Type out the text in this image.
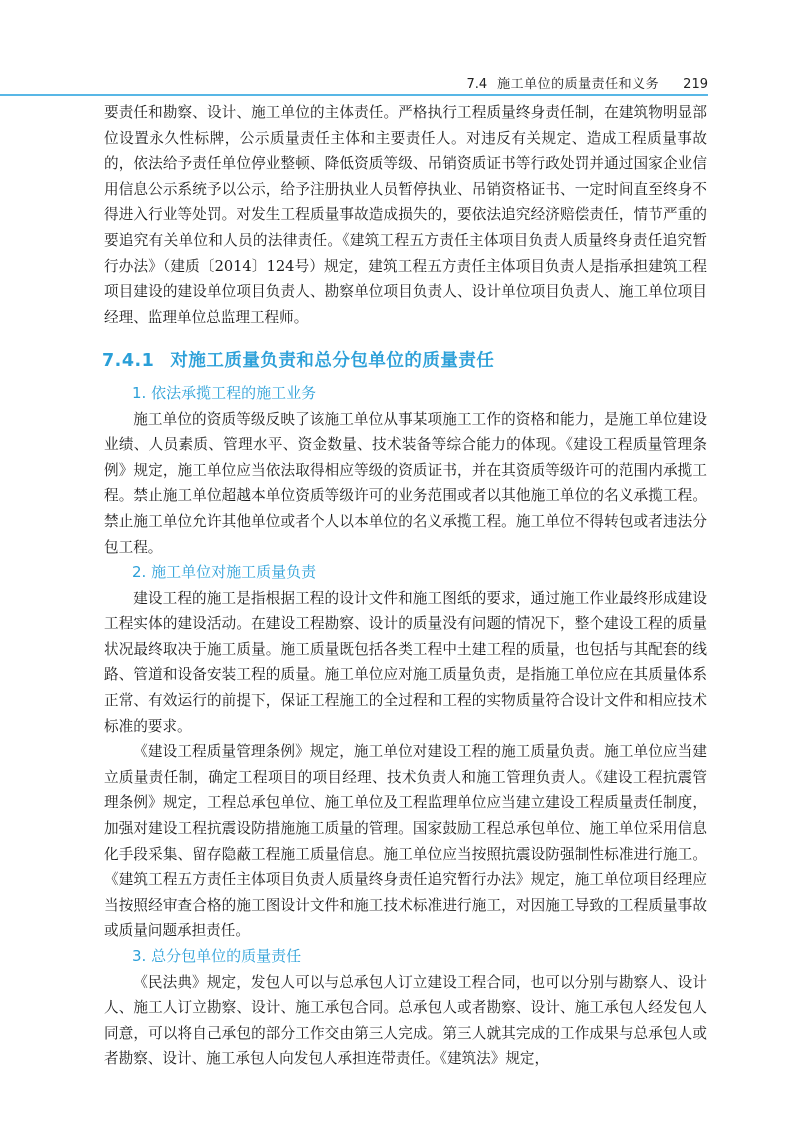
7.4 施工单位的质量责任和义务 219

要责任和勘察、设计、施工单位的主体责任。严格执行工程质量终身责任制，在建筑物明显部位设置永久性标牌，公示质量责任主体和主要责任人。对违反有关规定、造成工程质量事故的，依法给予责任单位停业整顿、降低资质等级、吊销资质证书等行政处罚并通过国家企业信用信息公示系统予以公示，给予注册执业人员暂停执业、吊销资格证书、一定时间直至终身不得进入行业等处罚。对发生工程质量事故造成损失的，要依法追究经济赔偿责任，情节严重的要追究有关单位和人员的法律责任。《建筑工程五方责任主体项目负责人质量终身责任追究暂行办法》（建质〔2014〕124号）规定，建筑工程五方责任主体项目负责人是指承担建筑工程项目建设的建设单位项目负责人、勘察单位项目负责人、设计单位项目负责人、施工单位项目经理、监理单位总监理工程师。

7.4.1 对施工质量负责和总分包单位的质量责任
1. 依法承揽工程的施工业务

施工单位的资质等级反映了该施工单位从事某项施工工作的资格和能力，是施工单位建设业绩、人员素质、管理水平、资金数量、技术装备等综合能力的体现。《建设工程质量管理条例》规定，施工单位应当依法取得相应等级的资质证书，并在其资质等级许可的范围内承揽工程。禁止施工单位超越本单位资质等级许可的业务范围或者以其他施工单位的名义承揽工程。禁止施工单位允许其他单位或者个人以本单位的名义承揽工程。施工单位不得转包或者违法分包工程。

2. 施工单位对施工质量负责

建设工程的施工是指根据工程的设计文件和施工图纸的要求，通过施工作业最终形成建设工程实体的建设活动。在建设工程勘察、设计的质量没有问题的情况下，整个建设工程的质量状况最终取决于施工质量。施工质量既包括各类工程中土建工程的质量，也包括与其配套的线路、管道和设备安装工程的质量。施工单位应对施工质量负责，是指施工单位应在其质量体系正常、有效运行的前提下，保证工程施工的全过程和工程的实物质量符合设计文件和相应技术标准的要求。

《建设工程质量管理条例》规定，施工单位对建设工程的施工质量负责。施工单位应当建立质量责任制，确定工程项目的项目经理、技术负责人和施工管理负责人。《建设工程抗震管理条例》规定，工程总承包单位、施工单位及工程监理单位应当建立建设工程质量责任制度，加强对建设工程抗震设防措施施工质量的管理。国家鼓励工程总承包单位、施工单位采用信息化手段采集、留存隐蔽工程施工质量信息。施工单位应当按照抗震设防强制性标准进行施工。《建筑工程五方责任主体项目负责人质量终身责任追究暂行办法》规定，施工单位项目经理应当按照经审查合格的施工图设计文件和施工技术标准进行施工，对因施工导致的工程质量事故或质量问题承担责任。

3. 总分包单位的质量责任

《民法典》规定，发包人可以与总承包人订立建设工程合同，也可以分别与勘察人、设计人、施工人订立勘察、设计、施工承包合同。总承包人或者勘察、设计、施工承包人经发包人同意，可以将自己承包的部分工作交由第三人完成。第三人就其完成的工作成果与总承包人或者勘察、设计、施工承包人向发包人承担连带责任。《建筑法》规定，
